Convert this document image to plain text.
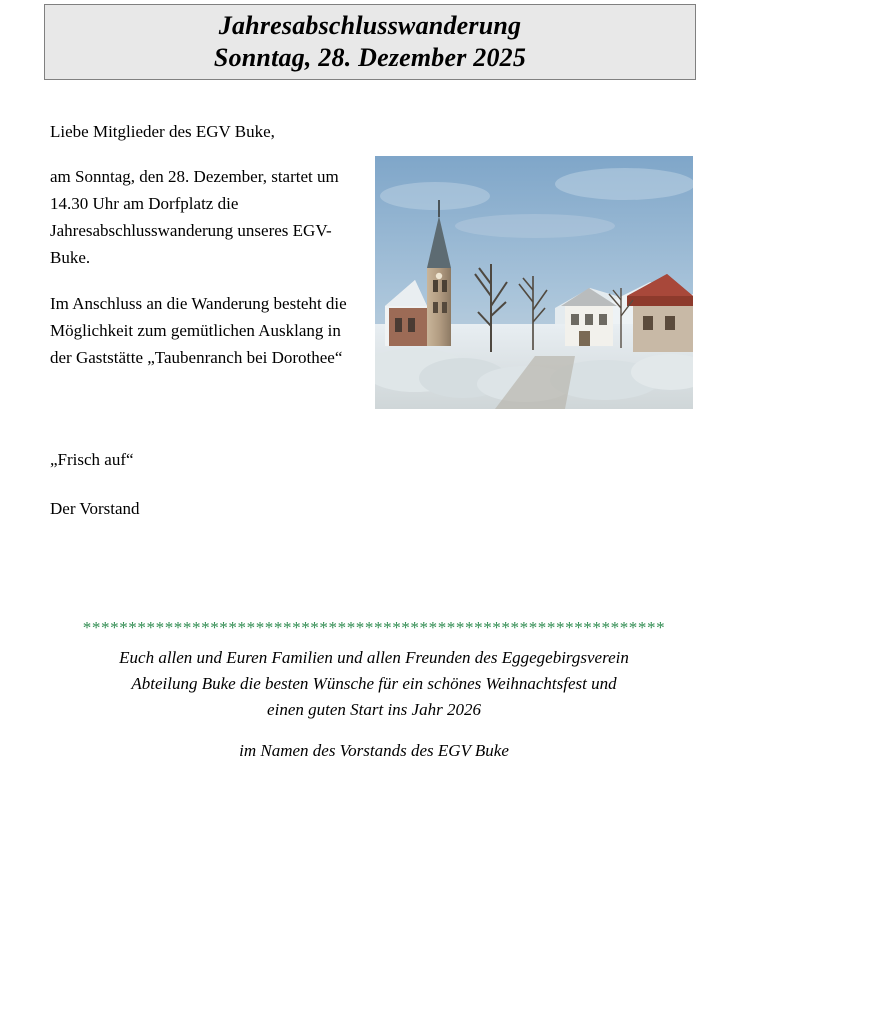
Jahresabschlusswanderung
Sonntag, 28. Dezember 2025

Liebe Mitglieder des EGV Buke,

am Sonntag, den 28. Dezember, startet um 14.30 Uhr am Dorfplatz die Jahresabschlusswanderung unseres EGV-Buke.

Im Anschluss an die Wanderung besteht die Möglichkeit zum gemütlichen Ausklang in der Gaststätte „Taubenranch bei Dorothee“

„Frisch auf“

Der Vorstand

****************************************************************
Euch allen und Euren Familien und allen Freunden des Eggegebirgsverein
Abteilung Buke die besten Wünsche für ein schönes Weihnachtsfest und
einen guten Start ins Jahr 2026
im Namen des Vorstands des EGV Buke
